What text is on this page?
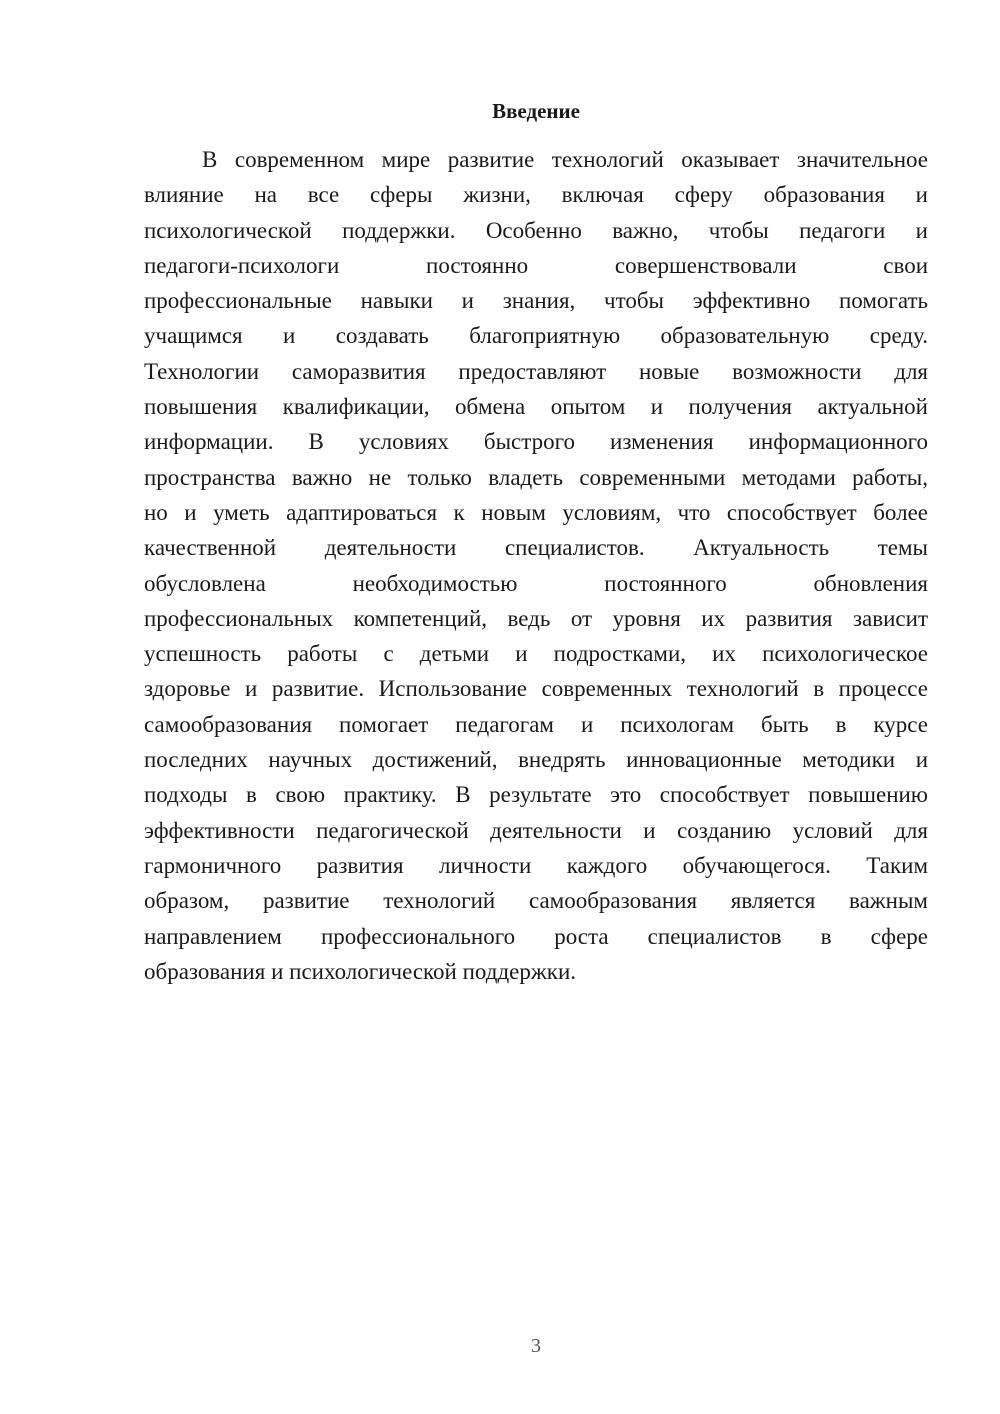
Введение
В современном мире развитие технологий оказывает значительное
влияние на все сферы жизни, включая сферу образования и
психологической поддержки. Особенно важно, чтобы педагоги и
педагоги-психологи постоянно совершенствовали свои
профессиональные навыки и знания, чтобы эффективно помогать
учащимся и создавать благоприятную образовательную среду.
Технологии саморазвития предоставляют новые возможности для
повышения квалификации, обмена опытом и получения актуальной
информации. В условиях быстрого изменения информационного
пространства важно не только владеть современными методами работы,
но и уметь адаптироваться к новым условиям, что способствует более
качественной деятельности специалистов. Актуальность темы
обусловлена необходимостью постоянного обновления
профессиональных компетенций, ведь от уровня их развития зависит
успешность работы с детьми и подростками, их психологическое
здоровье и развитие. Использование современных технологий в процессе
самообразования помогает педагогам и психологам быть в курсе
последних научных достижений, внедрять инновационные методики и
подходы в свою практику. В результате это способствует повышению
эффективности педагогической деятельности и созданию условий для
гармоничного развития личности каждого обучающегося. Таким
образом, развитие технологий самообразования является важным
направлением профессионального роста специалистов в сфере
образования и психологической поддержки.
3
